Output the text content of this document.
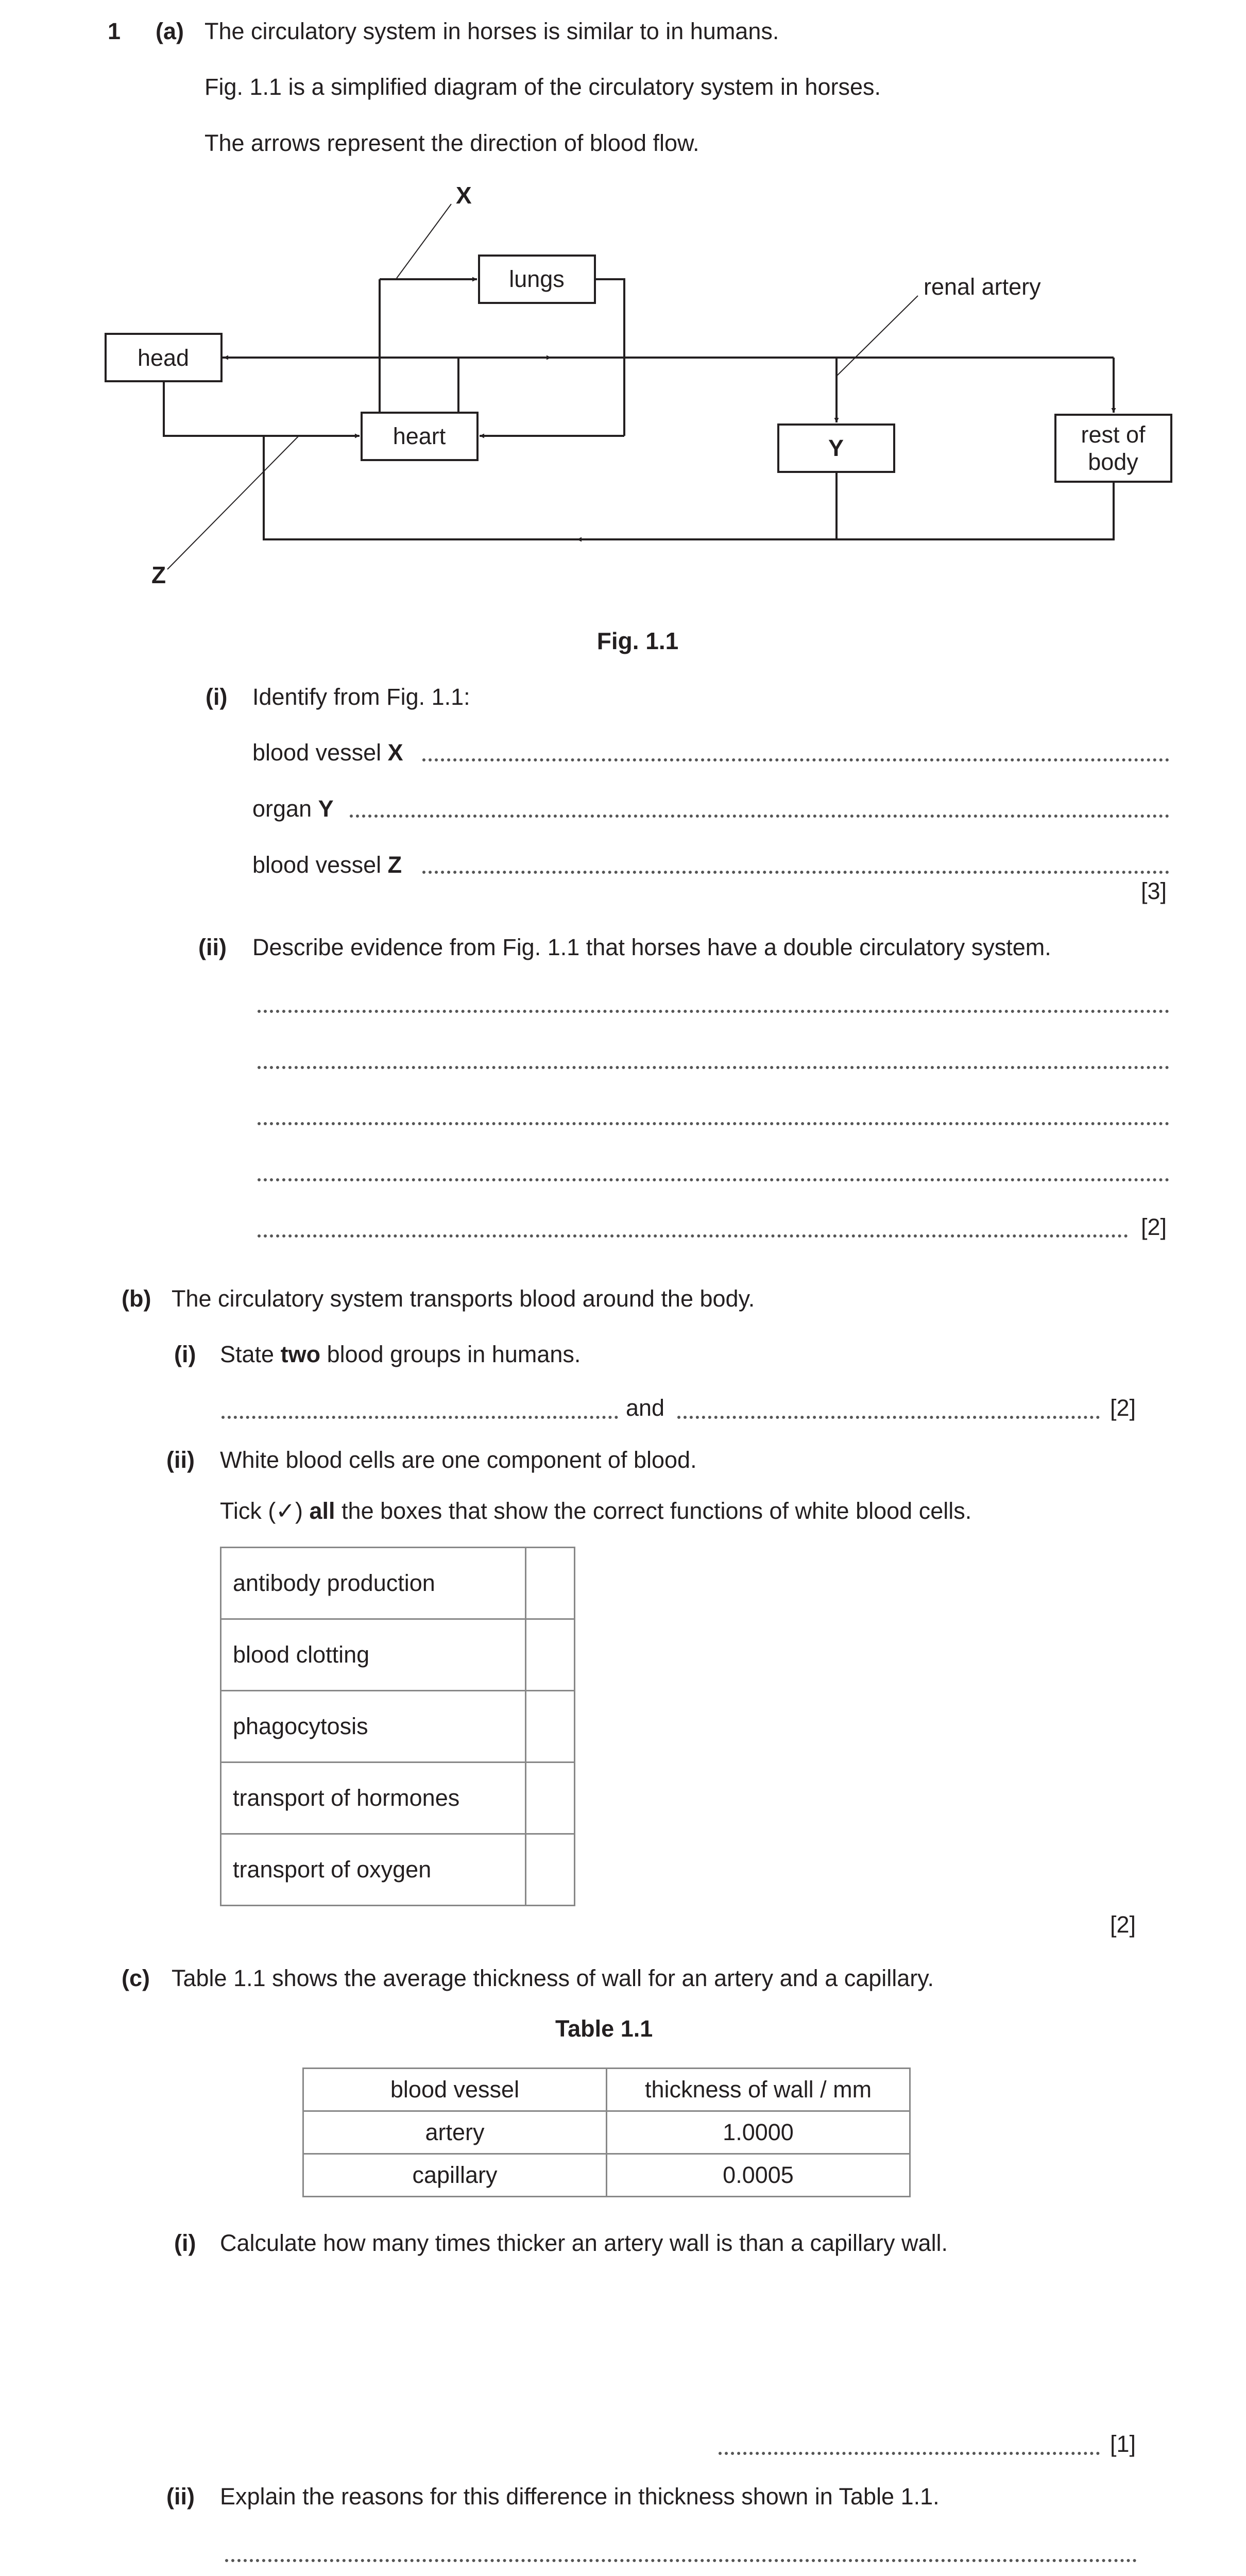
1 (a) The circulatory system in horses is similar to in humans.
Fig. 1.1 is a simplified diagram of the circulatory system in horses.
The arrows represent the direction of blood flow.
X
lungs
head
heart	Y
rest of
body
renal artery
Z
Fig. 1.1
(i) Identify from Fig. 1.1:
blood vessel X
organ Y
blood vessel Z
[3]
(ii) Describe evidence from Fig. 1.1 that horses have a double circulatory system.
[2]
(b) The circulatory system transports blood around the body.
(i) State two blood groups in humans.
and	[2]
(ii) White blood cells are one component of blood.
Tick (✓) all the boxes that show the correct functions of white blood cells.
antibody production	
blood clotting	
phagocytosis	
transport of hormones	
transport of oxygen	
[2]
(c) Table 1.1 shows the average thickness of wall for an artery and a capillary.
Table 1.1
blood vessel	thickness of wall / mm
artery	1.0000
capillary	0.0005
(i) Calculate how many times thicker an artery wall is than a capillary wall.
[1]
(ii) Explain the reasons for this difference in thickness shown in Table 1.1.
